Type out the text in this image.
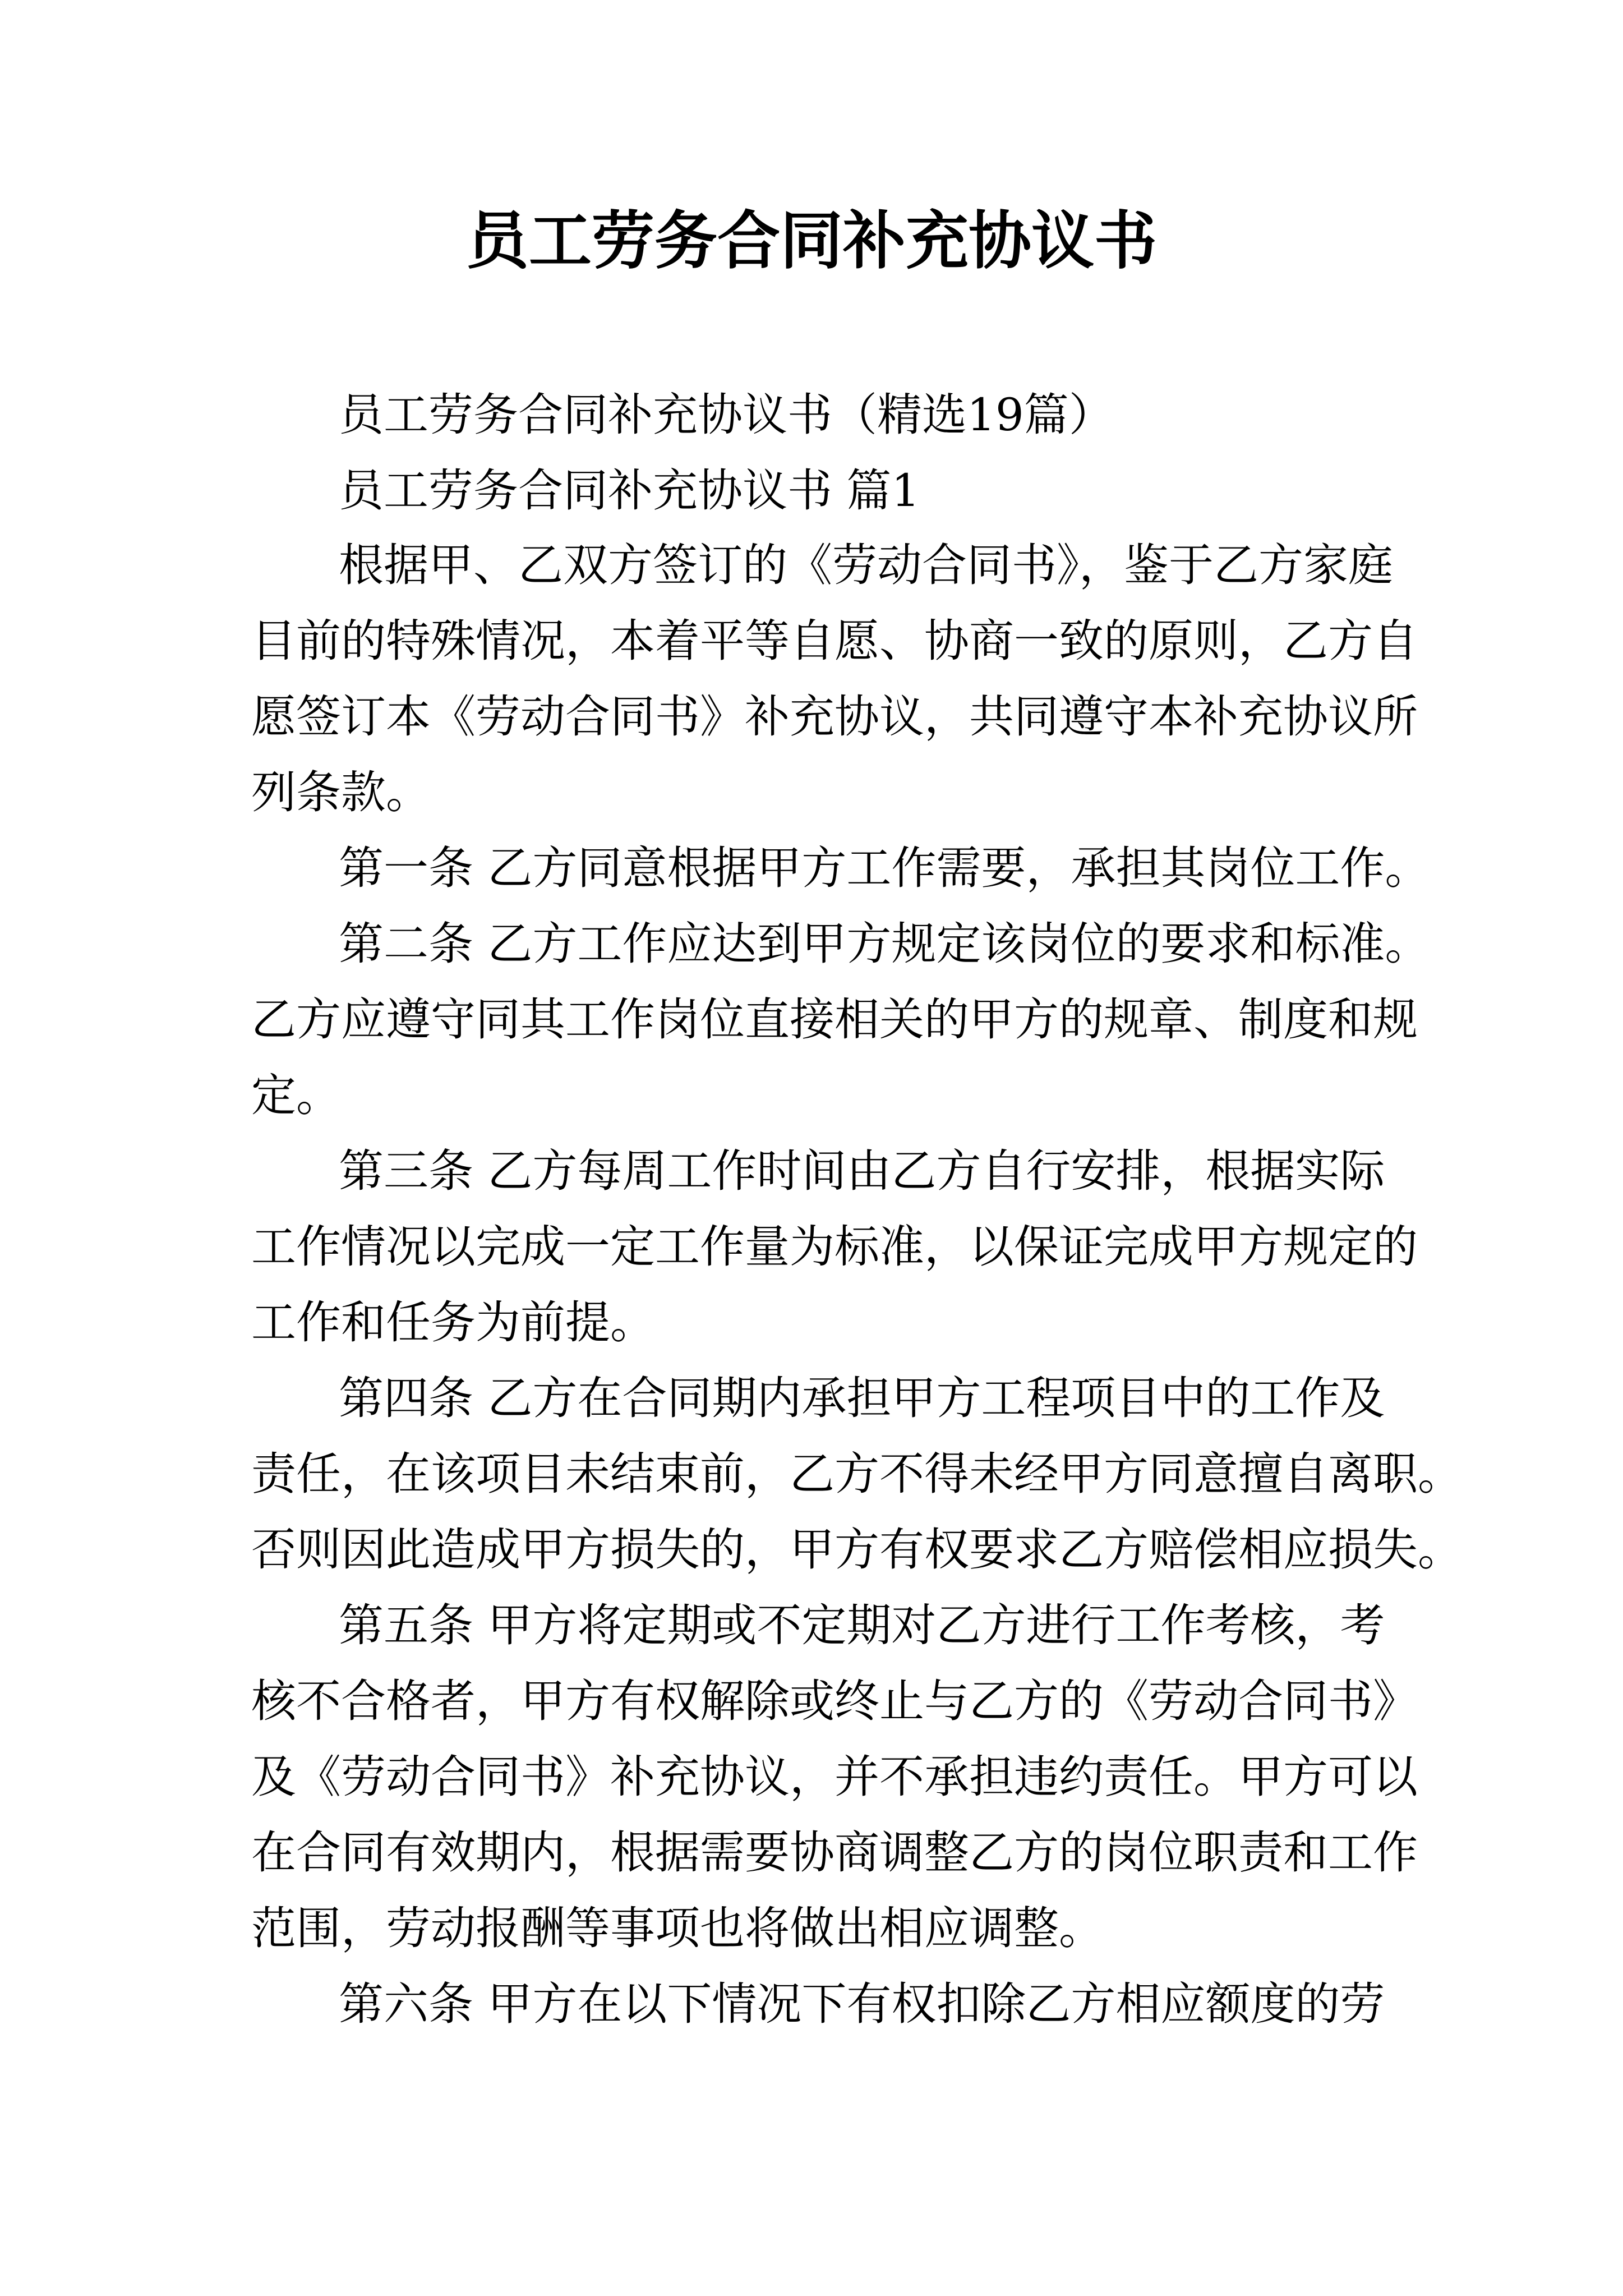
员工劳务合同补充协议书

员工劳务合同补充协议书（精选19篇）

员工劳务合同补充协议书 篇1

根据甲、乙双方签订的《劳动合同书》，鉴于乙方家庭

目前的特殊情况，本着平等自愿、协商一致的原则，乙方自

愿签订本《劳动合同书》补充协议，共同遵守本补充协议所

列条款。

第一条 乙方同意根据甲方工作需要，承担其岗位工作。

第二条 乙方工作应达到甲方规定该岗位的要求和标准。

乙方应遵守同其工作岗位直接相关的甲方的规章、制度和规

定。

第三条 乙方每周工作时间由乙方自行安排，根据实际

工作情况以完成一定工作量为标准，以保证完成甲方规定的

工作和任务为前提。

第四条 乙方在合同期内承担甲方工程项目中的工作及

责任，在该项目未结束前，乙方不得未经甲方同意擅自离职。

否则因此造成甲方损失的，甲方有权要求乙方赔偿相应损失。

第五条 甲方将定期或不定期对乙方进行工作考核，考

核不合格者，甲方有权解除或终止与乙方的《劳动合同书》

及《劳动合同书》补充协议，并不承担违约责任。甲方可以

在合同有效期内，根据需要协商调整乙方的岗位职责和工作

范围，劳动报酬等事项也将做出相应调整。

第六条 甲方在以下情况下有权扣除乙方相应额度的劳
